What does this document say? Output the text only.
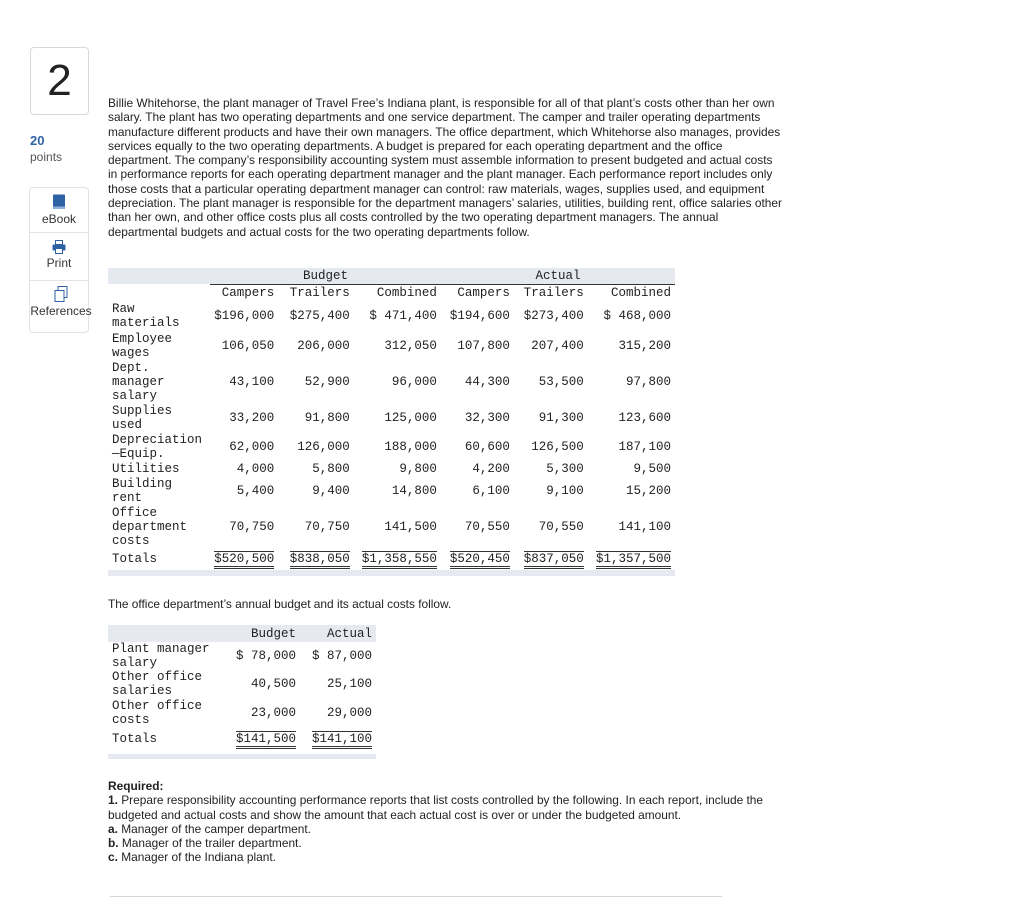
2
20
points
eBook
Print
References
Billie Whitehorse, the plant manager of Travel Free’s Indiana plant, is responsible for all of that plant’s costs other than her own salary. The plant has two operating departments and one service department. The camper and trailer operating departments manufacture different products and have their own managers. The office department, which Whitehorse also manages, provides services equally to the two operating departments. A budget is prepared for each operating department and the office department. The company’s responsibility accounting system must assemble information to present budgeted and actual costs in performance reports for each operating department manager and the plant manager. Each performance report includes only those costs that a particular operating department manager can control: raw materials, wages, supplies used, and equipment depreciation. The plant manager is responsible for the department managers’ salaries, utilities, building rent, office salaries other than her own, and other office costs plus all costs controlled by the two operating department managers. The annual departmental budgets and actual costs for the two operating departments follow.
	Budget			Actual		
	Campers	Trailers	Combined	Campers	Trailers	Combined
Raw materials	$196,000	$275,400	$ 471,400	$194,600	$273,400	$ 468,000
Employee wages	106,050	206,000	312,050	107,800	207,400	315,200
Dept. manager salary	43,100	52,900	96,000	44,300	53,500	97,800
Supplies used	33,200	91,800	125,000	32,300	91,300	123,600
Depreciation—Equip.	62,000	126,000	188,000	60,600	126,500	187,100
Utilities	4,000	5,800	9,800	4,200	5,300	9,500
Building rent	5,400	9,400	14,800	6,100	9,100	15,200
Office department costs	70,750	70,750	141,500	70,550	70,550	141,100
Totals	$520,500	$838,050	$1,358,550	$520,450	$837,050	$1,357,500
The office department’s annual budget and its actual costs follow.
	Budget	Actual
Plant manager salary	$ 78,000	$ 87,000
Other office salaries	40,500	25,100
Other office costs	23,000	29,000
Totals	$141,500	$141,100
Required:
1. Prepare responsibility accounting performance reports that list costs controlled by the following. In each report, include the budgeted and actual costs and show the amount that each actual cost is over or under the budgeted amount.
a. Manager of the camper department.
b. Manager of the trailer department.
c. Manager of the Indiana plant.
